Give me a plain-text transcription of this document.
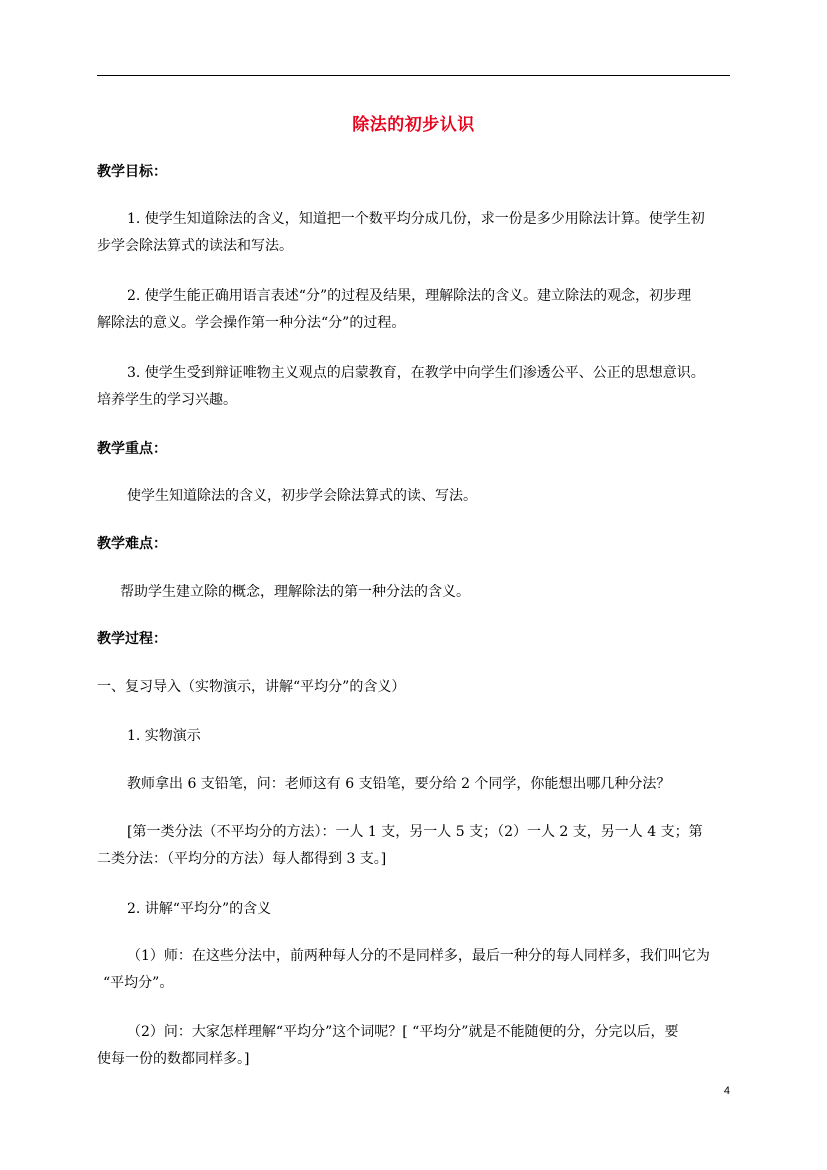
除法的初步认识
教学目标：
1. 使学生知道除法的含义，知道把一个数平均分成几份，求一份是多少用除法计算。使学生初
步学会除法算式的读法和写法。
2. 使学生能正确用语言表述“分”的过程及结果，理解除法的含义。建立除法的观念，初步理
解除法的意义。学会操作第一种分法“分”的过程。
3. 使学生受到辩证唯物主义观点的启蒙教育，在教学中向学生们渗透公平、公正的思想意识。
培养学生的学习兴趣。
教学重点：
使学生知道除法的含义，初步学会除法算式的读、写法。
教学难点：
帮助学生建立除的概念，理解除法的第一种分法的含义。
教学过程：
一、复习导入（实物演示，讲解“平均分”的含义）
1. 实物演示
教师拿出 6 支铅笔，问：老师这有 6 支铅笔，要分给 2 个同学，你能想出哪几种分法？
[第一类分法（不平均分的方法）：一人 1 支，另一人 5 支；（2）一人 2 支，另一人 4 支；第
二类分法：（平均分的方法）每人都得到 3 支。]
2. 讲解“平均分”的含义
（1）师：在这些分法中，前两种每人分的不是同样多，最后一种分的每人同样多，我们叫它为
“平均分”。
（2）问：大家怎样理解“平均分”这个词呢？[ “平均分”就是不能随便的分，分完以后，要
使每一份的数都同样多。]
4
